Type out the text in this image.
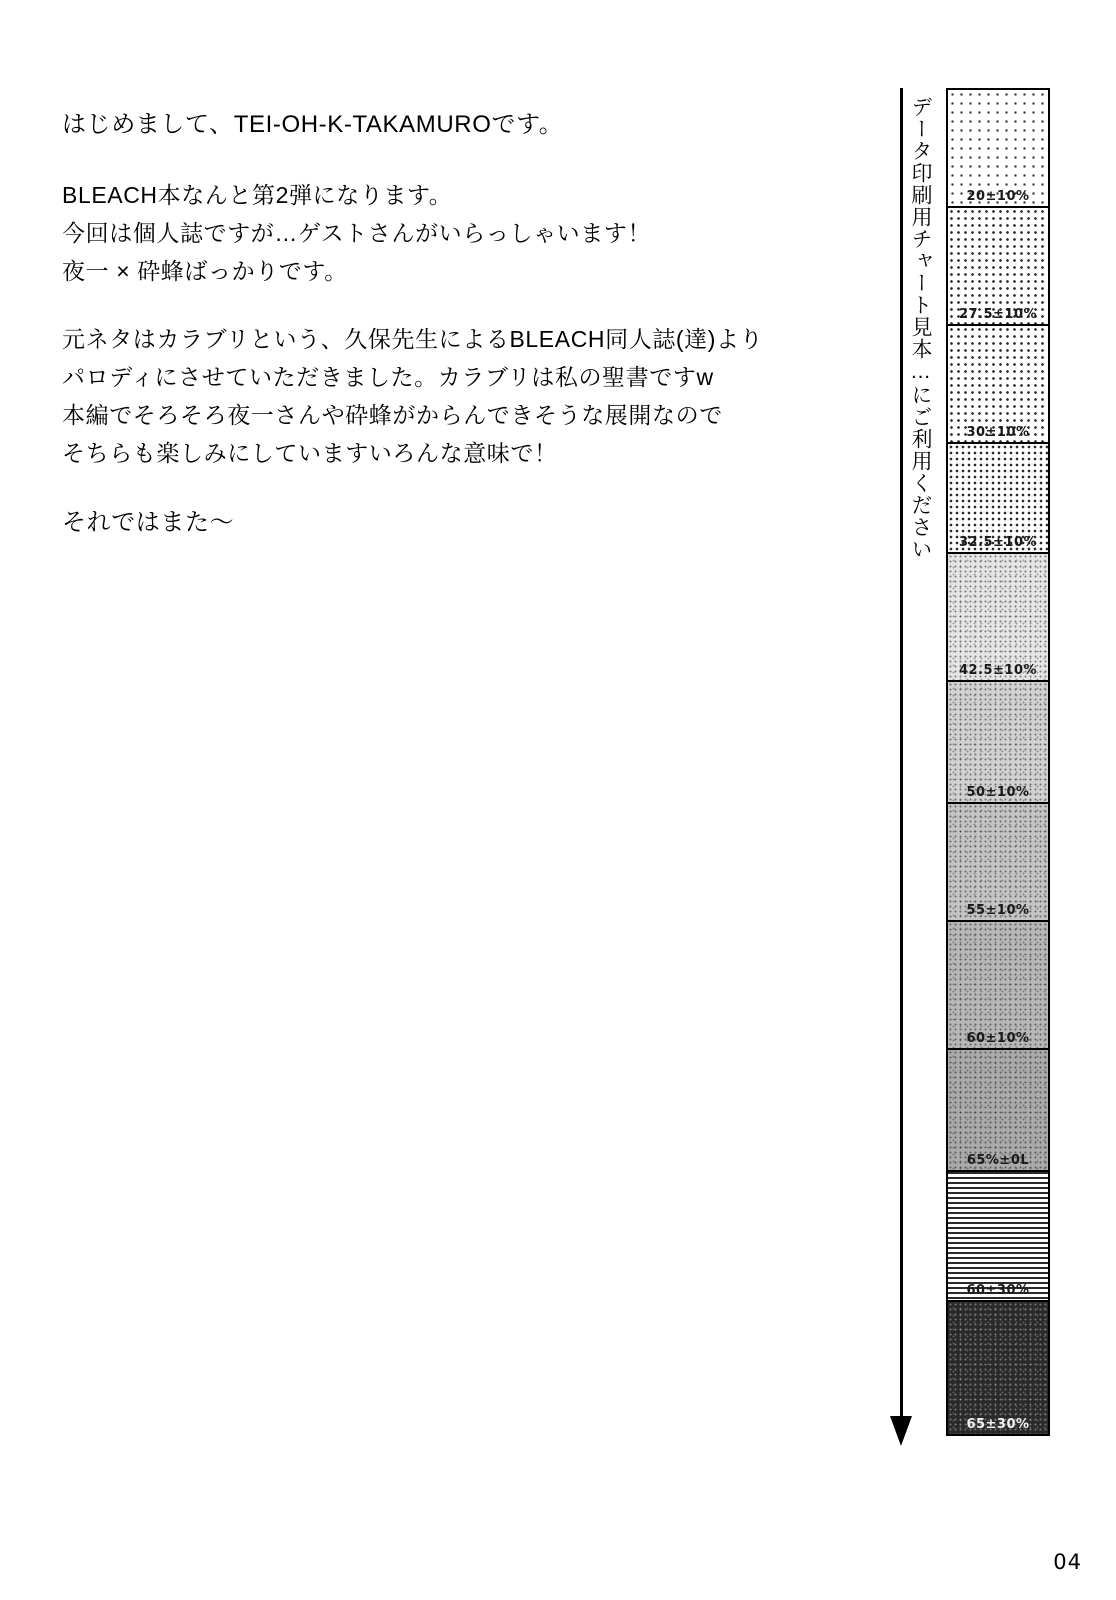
はじめまして、TEI-OH-K-TAKAMUROです。
BLEACH本なんと第2弾になります。
今回は個人誌ですが…ゲストさんがいらっしゃいます！
夜一 × 砕蜂ばっかりです。
元ネタはカラブリという、久保先生によるBLEACH同人誌(達)より
パロディにさせていただきました。カラブリは私の聖書ですw
本編でそろそろ夜一さんや砕蜂がからんできそうな展開なので
そちらも楽しみにしていますいろんな意味で！
それではまた～	データ印刷用チャート見本…にご利用ください	20±10%
27.5±10%
30±10%
32.5±10%
42.5±10%
50±10%
55±10%
60±10%
65%±0L
60±30%
65±30%
04
